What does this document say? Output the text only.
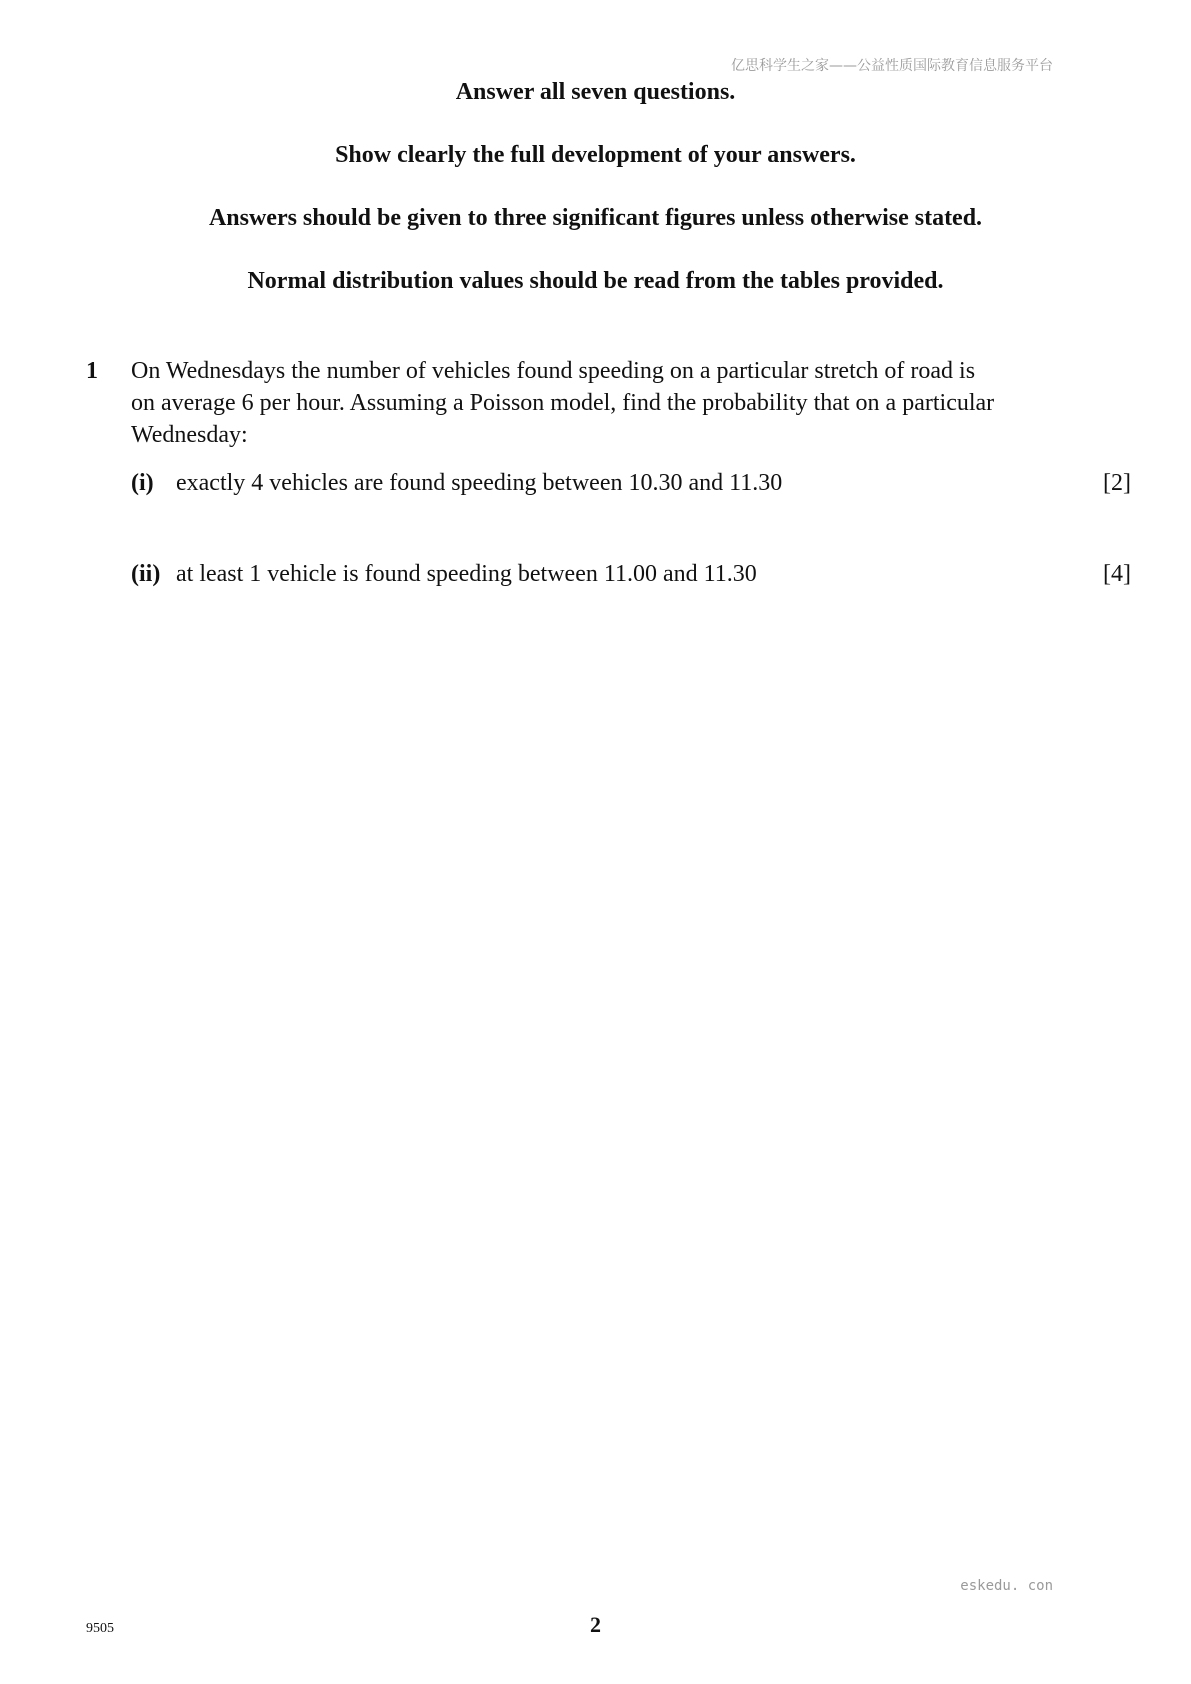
亿思科学生之家——公益性质国际教育信息服务平台

Answer all seven questions.

Show clearly the full development of your answers.

Answers should be given to three significant figures unless otherwise stated.

Normal distribution values should be read from the tables provided.

1 On Wednesdays the number of vehicles found speeding on a particular stretch of road is
on average 6 per hour. Assuming a Poisson model, find the probability that on a particular
Wednesday:
(i) exactly 4 vehicles are found speeding between 10.30 and 11.30	[2]
(ii) at least 1 vehicle is found speeding between 11.00 and 11.30	[4]
eskedu. con
9505	2
